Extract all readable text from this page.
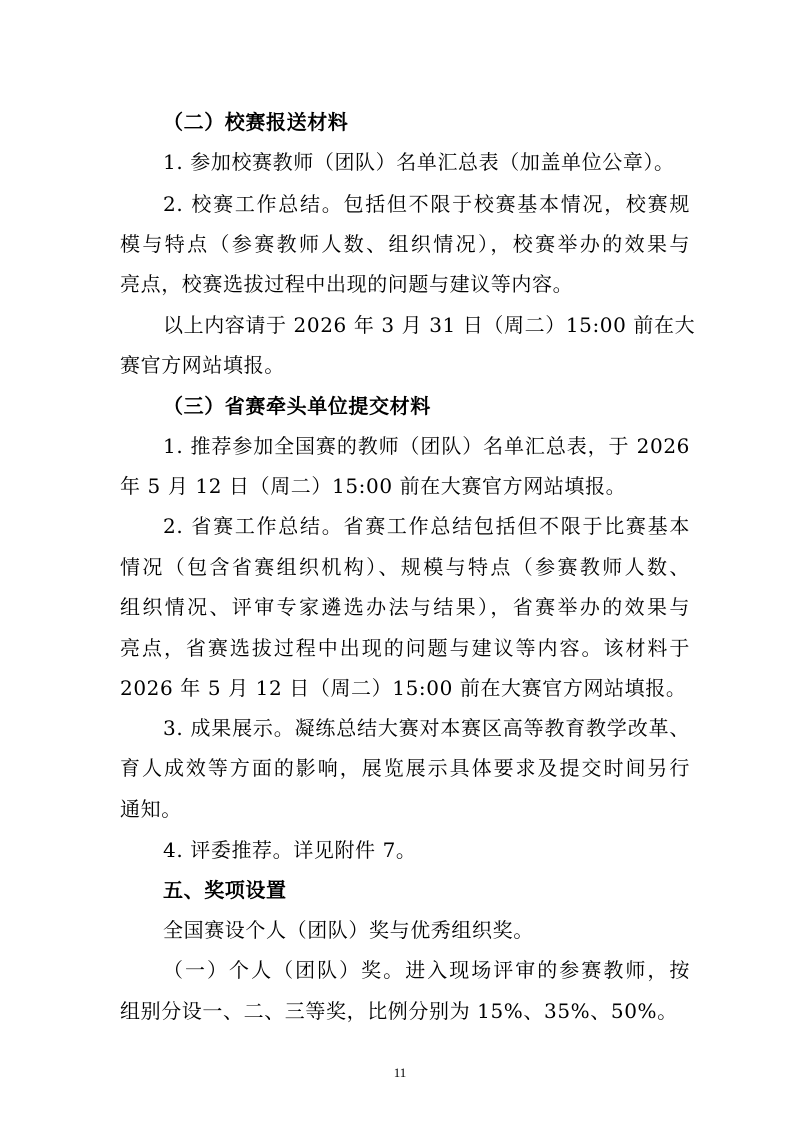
（二）校赛报送材料
1. 参加校赛教师（团队）名单汇总表（加盖单位公章）。
2. 校赛工作总结。包括但不限于校赛基本情况，校赛规
模与特点（参赛教师人数、组织情况），校赛举办的效果与
亮点，校赛选拔过程中出现的问题与建议等内容。
以上内容请于 2026 年 3 月 31 日（周二）15:00 前在大
赛官方网站填报。
（三）省赛牵头单位提交材料
1. 推荐参加全国赛的教师（团队）名单汇总表，于 2026
年 5 月 12 日（周二）15:00 前在大赛官方网站填报。
2. 省赛工作总结。省赛工作总结包括但不限于比赛基本
情况（包含省赛组织机构）、规模与特点（参赛教师人数、
组织情况、评审专家遴选办法与结果），省赛举办的效果与
亮点，省赛选拔过程中出现的问题与建议等内容。该材料于
2026 年 5 月 12 日（周二）15:00 前在大赛官方网站填报。
3. 成果展示。凝练总结大赛对本赛区高等教育教学改革、
育人成效等方面的影响，展览展示具体要求及提交时间另行
通知。
4. 评委推荐。详见附件 7。
五、奖项设置
全国赛设个人（团队）奖与优秀组织奖。
（一）个人（团队）奖。进入现场评审的参赛教师，按
组别分设一、二、三等奖，比例分别为 15%、35%、50%。
11
